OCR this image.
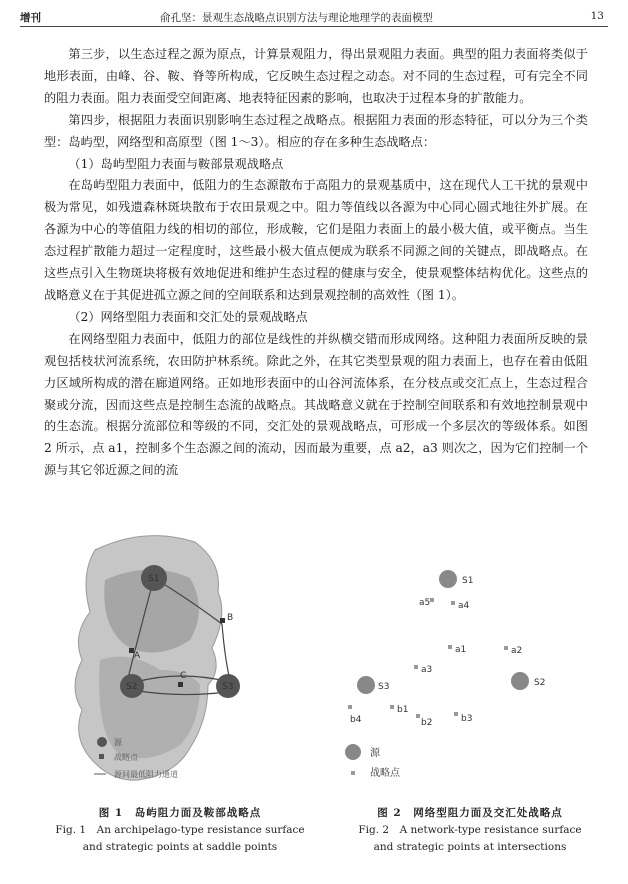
增刊	俞孔坚：景观生态战略点识别方法与理论地理学的表面模型	13

第三步，以生态过程之源为原点，计算景观阻力，得出景观阻力表面。典型的阻力表面将类似于地形表面，由峰、谷、鞍、脊等所构成，它反映生态过程之动态。对不同的生态过程，可有完全不同的阻力表面。阻力表面受空间距离、地表特征因素的影响，也取决于过程本身的扩散能力。

第四步，根据阻力表面识别影响生态过程之战略点。根据阻力表面的形态特征，可以分为三个类型：岛屿型，网络型和高原型（图 1～3）。相应的存在多种生态战略点：

（1）岛屿型阻力表面与鞍部景观战略点

在岛屿型阻力表面中，低阻力的生态源散布于高阻力的景观基质中，这在现代人工干扰的景观中极为常见，如残遗森林斑块散布于农田景观之中。阻力等值线以各源为中心同心圆式地往外扩展。在各源为中心的等值阻力线的相切的部位，形成鞍，它们是阻力表面上的最小极大值，或平衡点。当生态过程扩散能力超过一定程度时，这些最小极大值点便成为联系不同源之间的关键点，即战略点。在这些点引入生物斑块将极有效地促进和维护生态过程的健康与安全，使景观整体结构优化。这些点的战略意义在于其促进孤立源之间的空间联系和达到景观控制的高效性（图 1）。

（2）网络型阻力表面和交汇处的景观战略点

在网络型阻力表面中，低阻力的部位是线性的并纵横交错而形成网络。这种阻力表面所反映的景观包括枝状河流系统，农田防护林系统。除此之外，在其它类型景观的阻力表面上，也存在着由低阻力区域所构成的潜在廊道网络。正如地形表面中的山谷河流体系，在分枝点或交汇点上，生态过程合聚或分流，因而这些点是控制生态流的战略点。其战略意义就在于控制空间联系和有效地控制景观中的生态流。根据分流部位和等级的不同，交汇处的景观战略点，可形成一个多层次的等级体系。如图 2 所示，点 a1，控制多个生态源之间的流动，因而最为重要，点 a2，a3 则次之，因为它们控制一个源与其它邻近源之间的流

S1
S2	S3
A
B
C
源
战略点
源间最低阻力通道
S1
S2
S3
a5	a4
a1	a2
a3
b1
b4	b2	b3
源
战略点
图 1　岛屿阻力面及鞍部战略点
Fig. 1　An archipelago-type resistance surface
and strategic points at saddle points
图 2　网络型阻力面及交汇处战略点
Fig. 2　A network-type resistance surface
and strategic points at intersections
